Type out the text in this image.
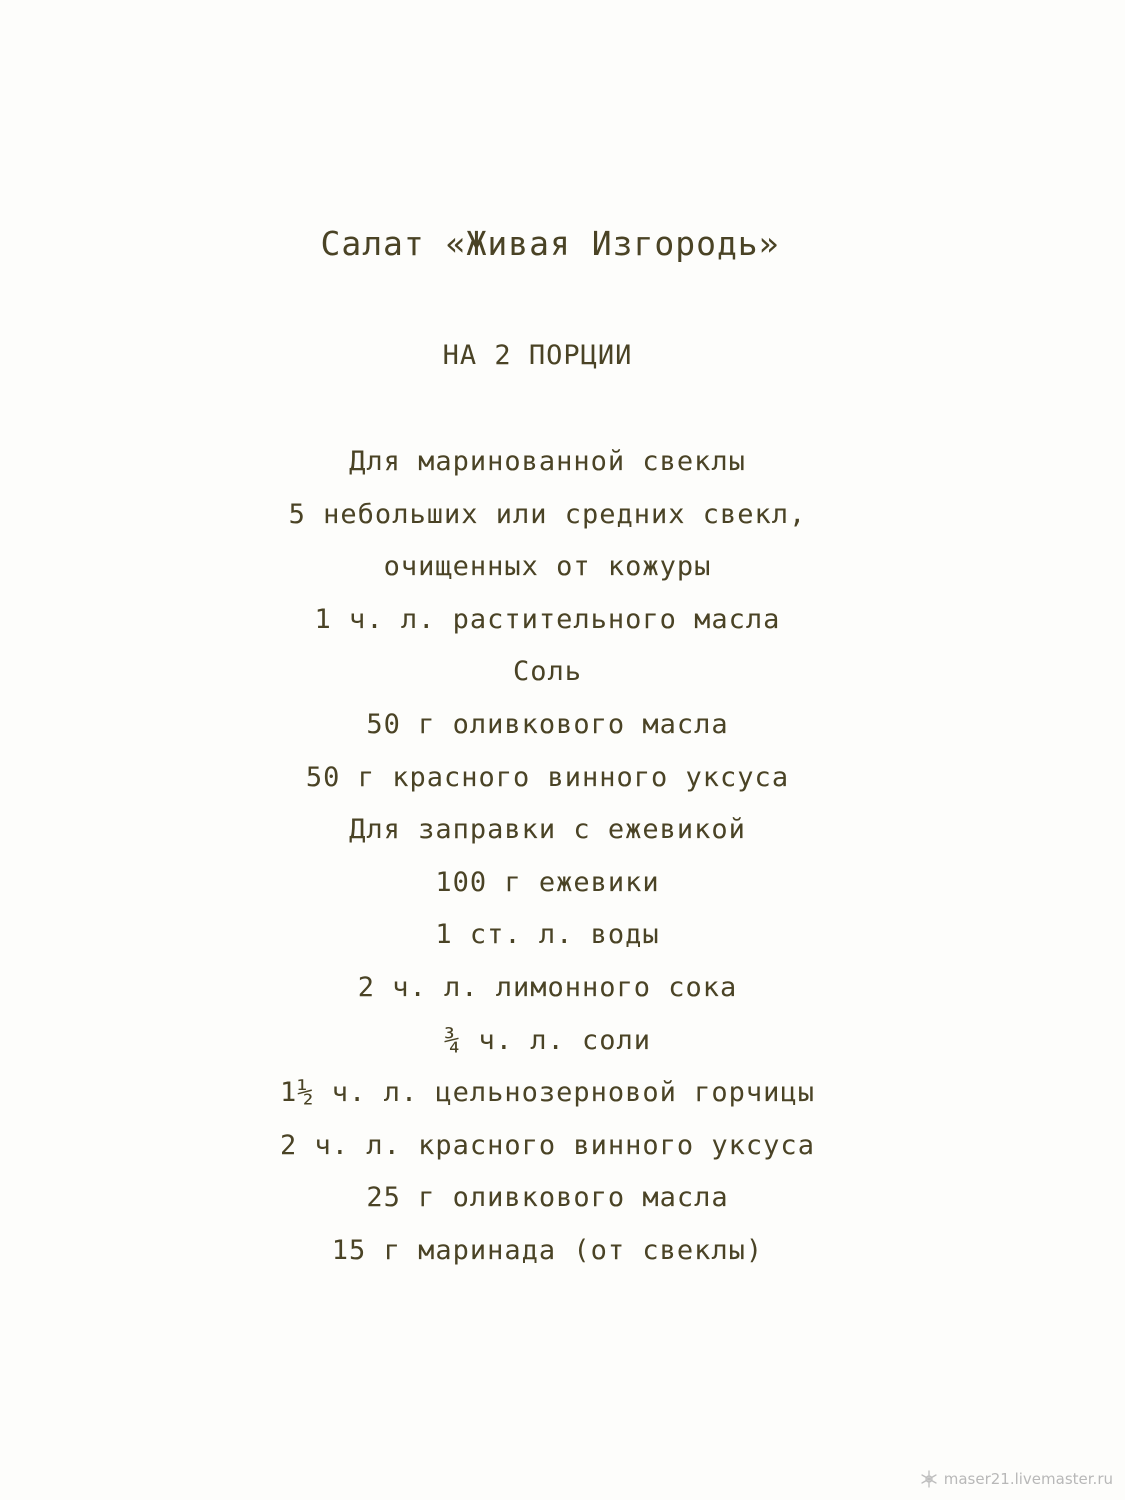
Салат «Живая Изгородь»
НА 2 ПОРЦИИ
Для маринованной свеклы
5 небольших или средних свекл,
очищенных от кожуры
1 ч. л. растительного масла
Соль
50 г оливкового масла
50 г красного винного уксуса
Для заправки с ежевикой
100 г ежевики
1 ст. л. воды
2 ч. л. лимонного сока
¾ ч. л. соли
1½ ч. л. цельнозерновой горчицы
2 ч. л. красного винного уксуса
25 г оливкового масла
15 г маринада (от свеклы)
maser21.livemaster.ru
